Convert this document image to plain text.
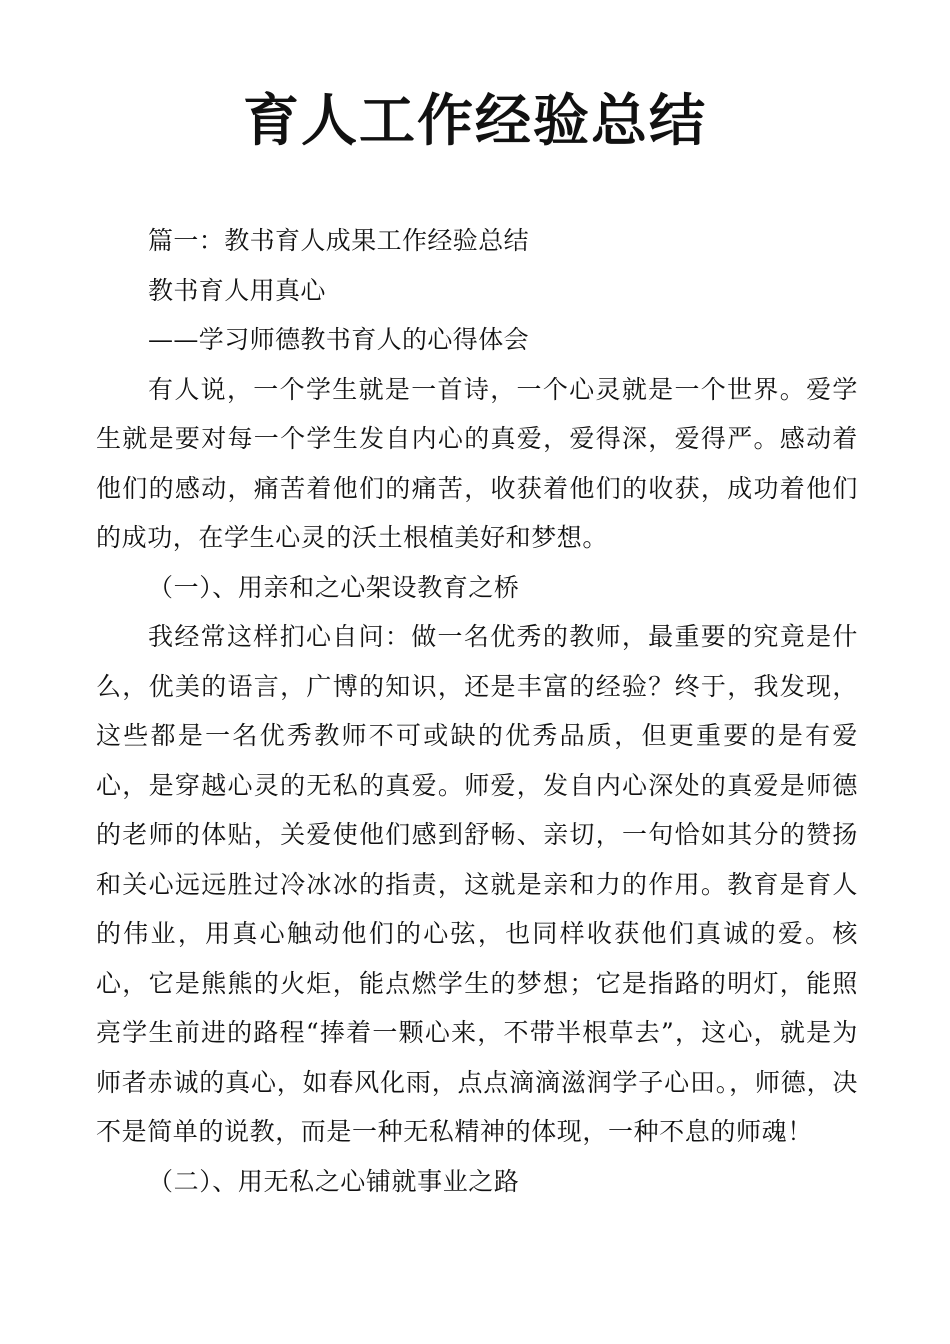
育人工作经验总结

篇一：教书育人成果工作经验总结

教书育人用真心

——学习师德教书育人的心得体会

有人说，一个学生就是一首诗，一个心灵就是一个世界。爱学生就是要对每一个学生发自内心的真爱，爱得深，爱得严。感动着他们的感动，痛苦着他们的痛苦，收获着他们的收获，成功着他们的成功，在学生心灵的沃土根植美好和梦想。

（一）、用亲和之心架设教育之桥

我经常这样扪心自问：做一名优秀的教师，最重要的究竟是什么，优美的语言，广博的知识，还是丰富的经验？终于，我发现，这些都是一名优秀教师不可或缺的优秀品质，但更重要的是有爱心，是穿越心灵的无私的真爱。师爱，发自内心深处的真爱是师德的老师的体贴，关爱使他们感到舒畅、亲切，一句恰如其分的赞扬和关心远远胜过冷冰冰的指责，这就是亲和力的作用。教育是育人的伟业，用真心触动他们的心弦，也同样收获他们真诚的爱。核心，它是熊熊的火炬，能点燃学生的梦想；它是指路的明灯，能照亮学生前进的路程“捧着一颗心来，不带半根草去”，这心，就是为师者赤诚的真心，如春风化雨，点点滴滴滋润学子心田。，师德，决不是简单的说教，而是一种无私精神的体现，一种不息的师魂！

（二）、用无私之心铺就事业之路
